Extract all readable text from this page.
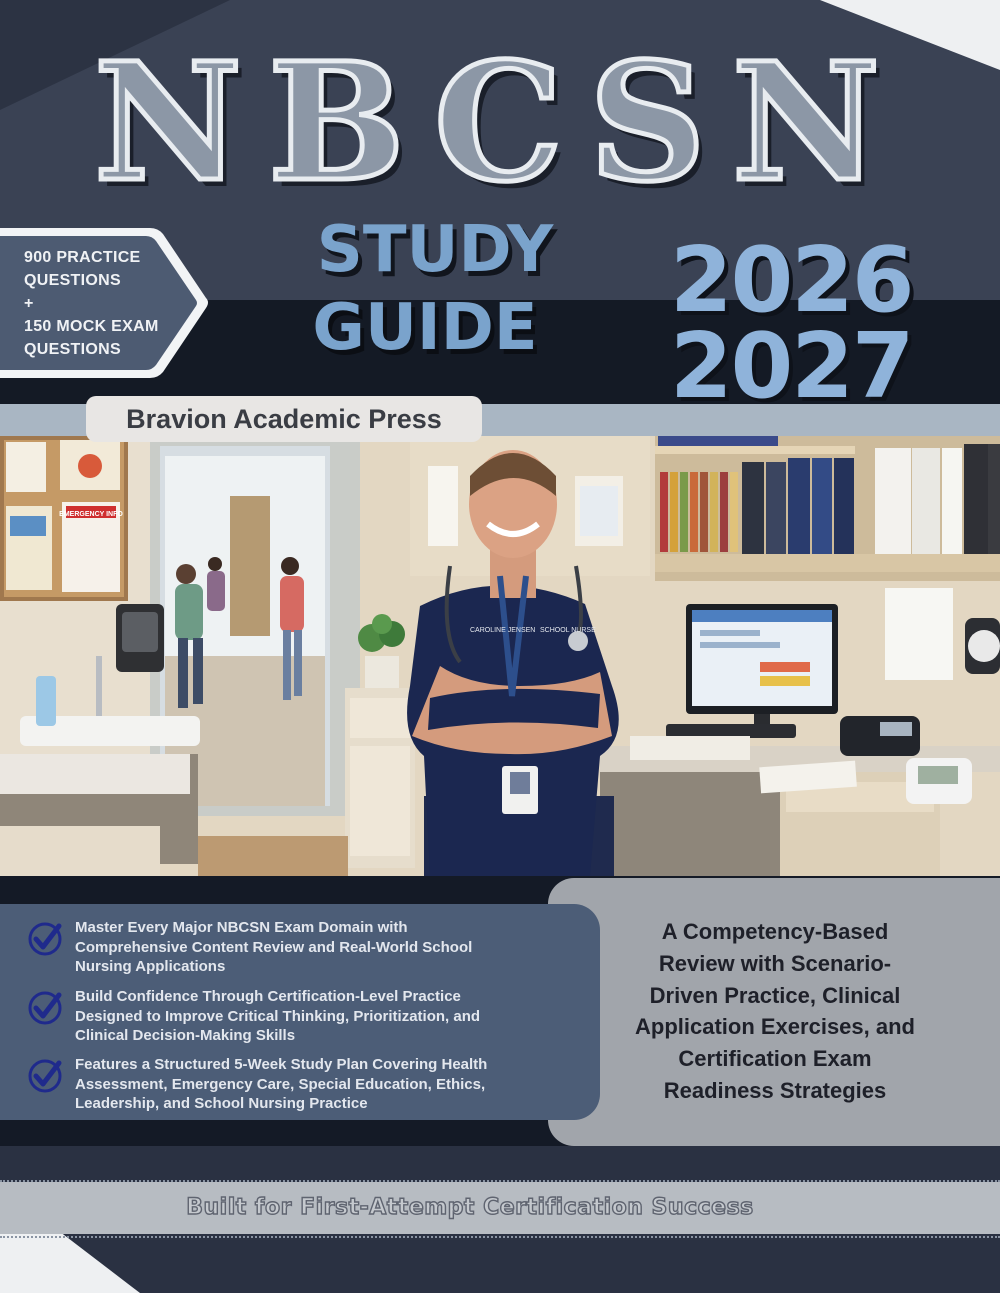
NBCSN
900 PRACTICE
QUESTIONS
+
150 MOCK EXAM
QUESTIONS
STUDY
GUIDE 2026
2027
EMERGENCY INFO
CAROLINE JENSEN SCHOOL NURSE
Bravion Academic Press
Master Every Major NBCSN Exam Domain with
Comprehensive Content Review and Real-World School
Nursing Applications
Build Confidence Through Certification-Level Practice
Designed to Improve Critical Thinking, Prioritization, and
Clinical Decision-Making Skills
Features a Structured 5-Week Study Plan Covering Health
Assessment, Emergency Care, Special Education, Ethics,
Leadership, and School Nursing Practice
A Competency-Based
Review with Scenario-
Driven Practice, Clinical
Application Exercises, and
Certification Exam
Readiness Strategies
Built for First-Attempt Certification Success
